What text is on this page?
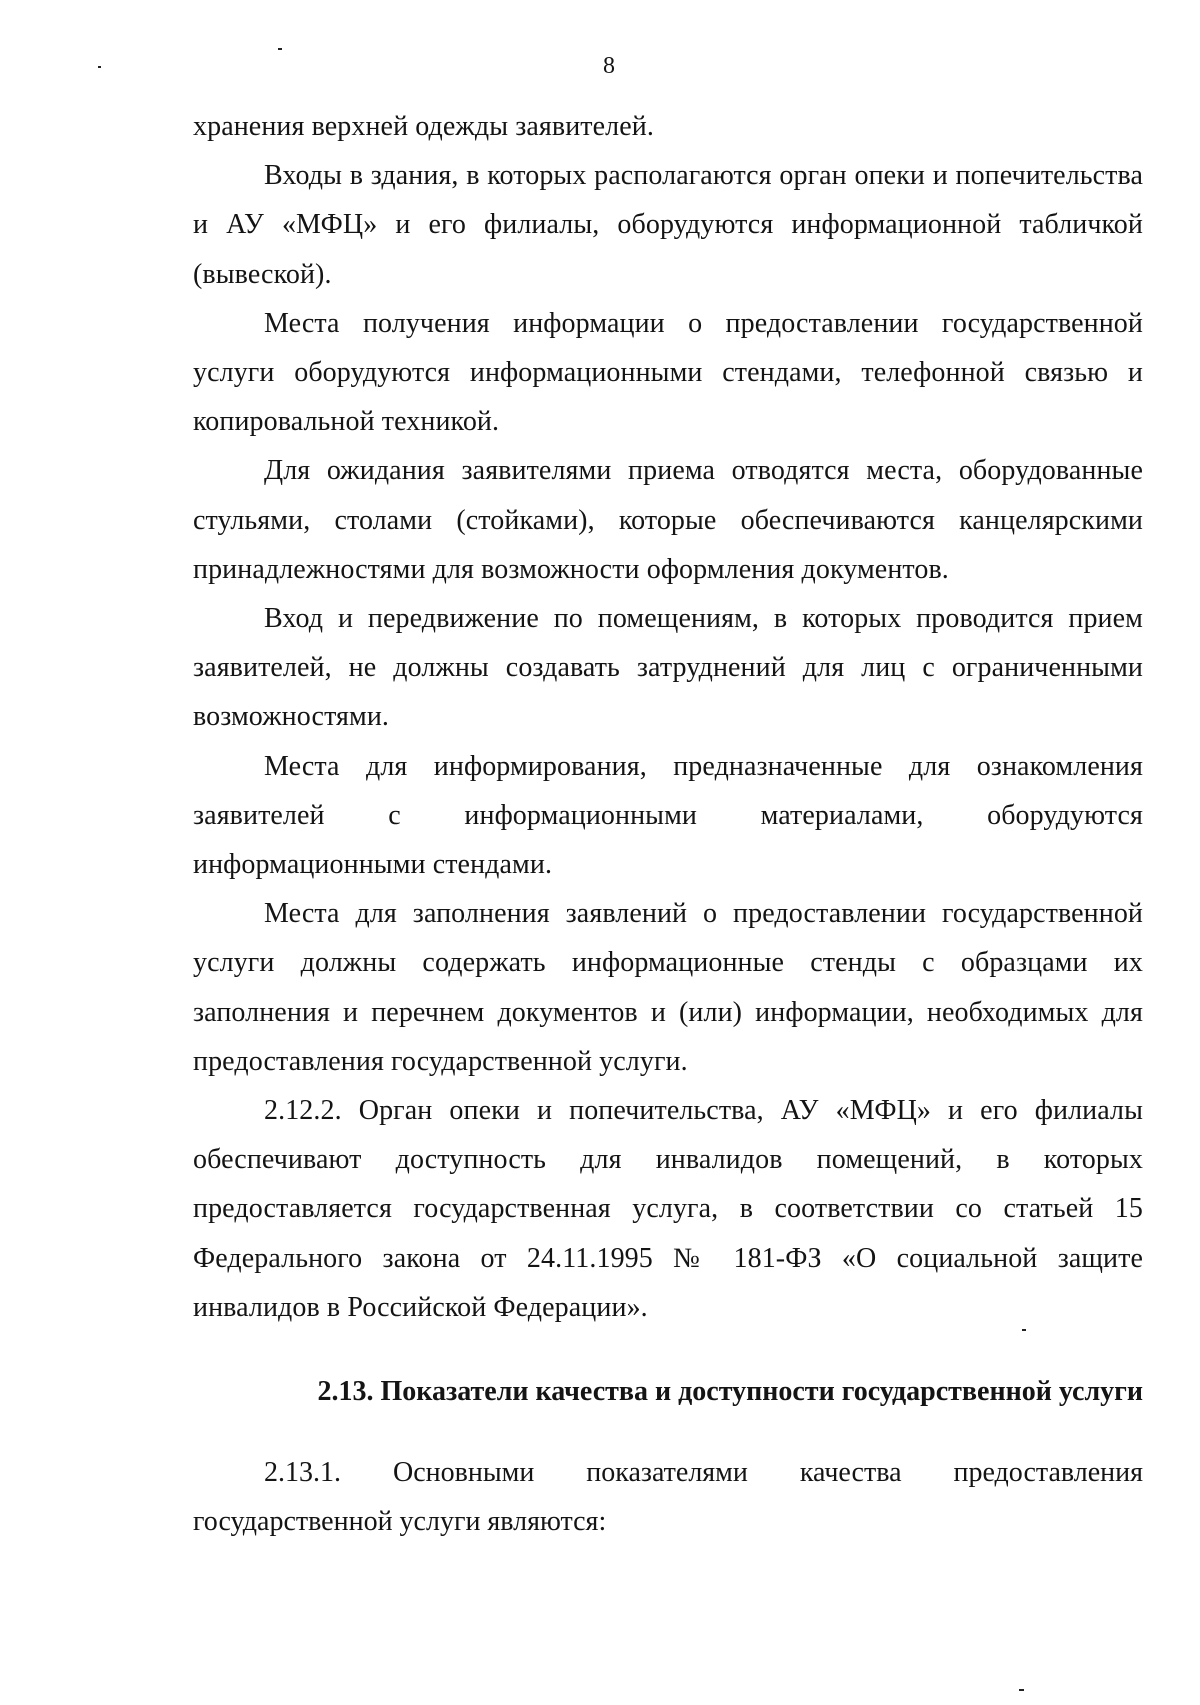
8

хранения верхней одежды заявителей.

Входы в здания, в которых располагаются орган опеки и попечительства и АУ «МФЦ» и его филиалы, оборудуются информационной табличкой (вывеской).

Места получения информации о предоставлении государственной услуги оборудуются информационными стендами, телефонной связью и копировальной техникой.

Для ожидания заявителями приема отводятся места, оборудованные стульями, столами (стойками), которые обеспечиваются канцелярскими принадлежностями для возможности оформления документов.

Вход и передвижение по помещениям, в которых проводится прием заявителей, не должны создавать затруднений для лиц с ограниченными возможностями.

Места для информирования, предназначенные для ознакомления заявителей с информационными материалами, оборудуются информационными стендами.

Места для заполнения заявлений о предоставлении государственной услуги должны содержать информационные стенды с образцами их заполнения и перечнем документов и (или) информации, необходимых для предоставления государственной услуги.

2.12.2. Орган опеки и попечительства, АУ «МФЦ» и его филиалы обеспечивают доступность для инвалидов помещений, в которых предоставляется государственная услуга, в соответствии со статьей 15 Федерального закона от 24.11.1995 № 181-ФЗ «О социальной защите инвалидов в Российской Федерации».

2.13. Показатели качества и доступности государственной услуги

2.13.1. Основными показателями качества предоставления государственной услуги являются:
